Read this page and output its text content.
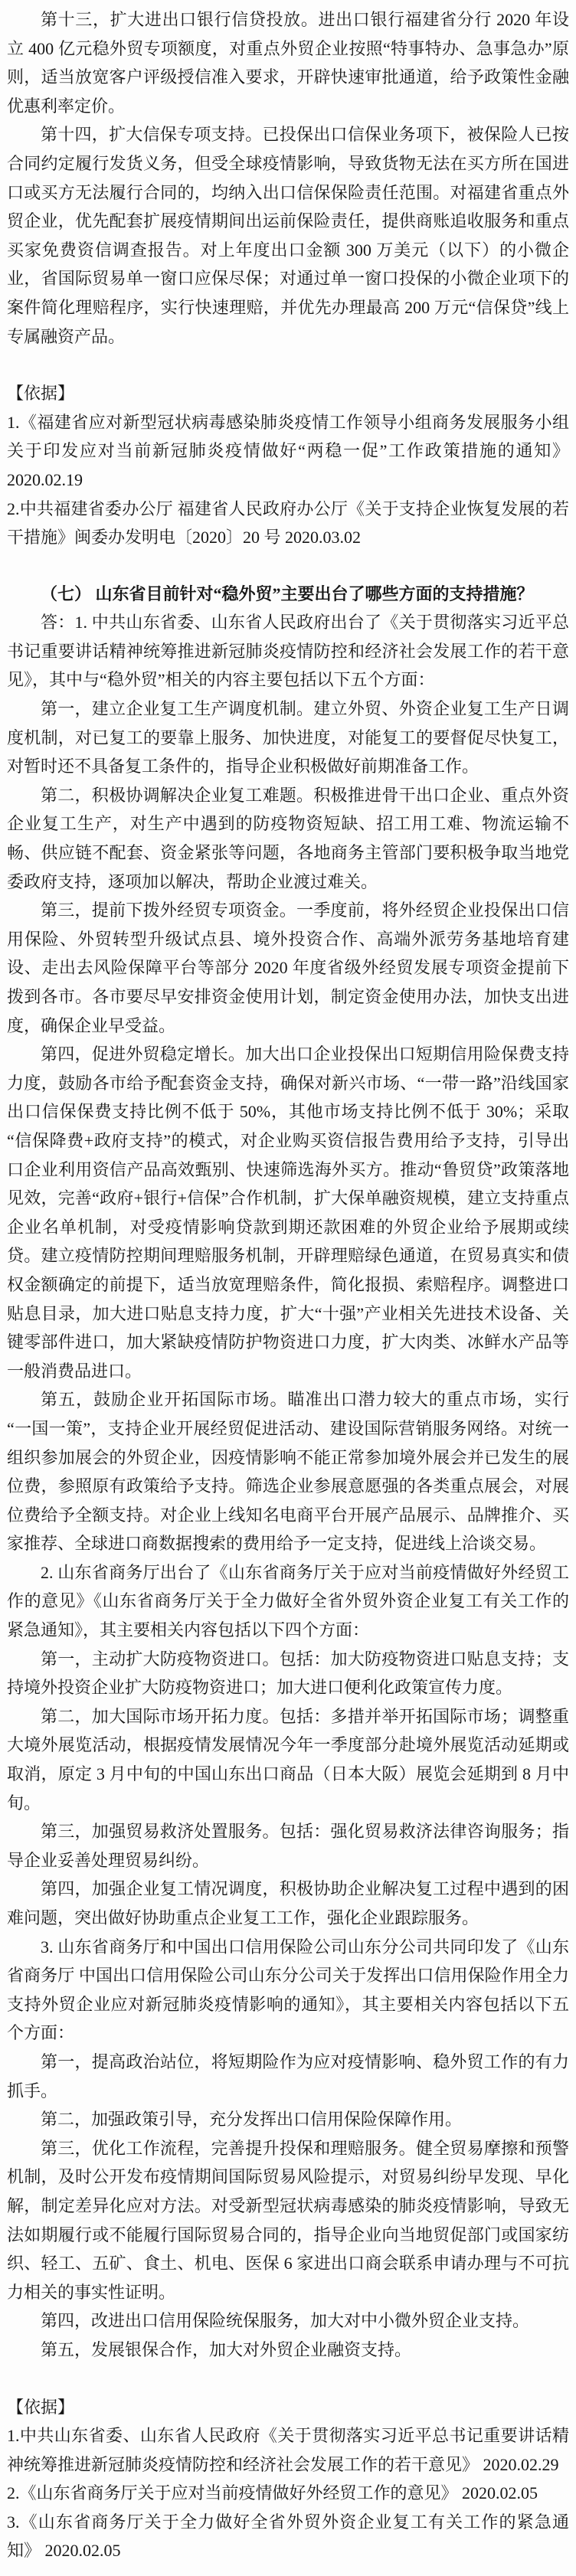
第十三，扩大进出口银行信贷投放。进出口银行福建省分行 2020 年设立 400 亿元稳外贸专项额度，对重点外贸企业按照“特事特办、急事急办”原则，适当放宽客户评级授信准入要求，开辟快速审批通道，给予政策性金融优惠利率定价。

第十四，扩大信保专项支持。已投保出口信保业务项下，被保险人已按合同约定履行发货义务，但受全球疫情影响，导致货物无法在买方所在国进口或买方无法履行合同的，均纳入出口信保保险责任范围。对福建省重点外贸企业，优先配套扩展疫情期间出运前保险责任，提供商账追收服务和重点买家免费资信调查报告。对上年度出口金额 300 万美元（以下）的小微企业，省国际贸易单一窗口应保尽保；对通过单一窗口投保的小微企业项下的案件简化理赔程序，实行快速理赔，并优先办理最高 200 万元“信保贷”线上专属融资产品。

【依据】

1.《福建省应对新型冠状病毒感染肺炎疫情工作领导小组商务发展服务小组关于印发应对当前新冠肺炎疫情做好“两稳一促”工作政策措施的通知》 2020.02.19

2.中共福建省委办公厅 福建省人民政府办公厅《关于支持企业恢复发展的若干措施》闽委办发明电〔2020〕20 号 2020.03.02

（七） 山东省目前针对“稳外贸”主要出台了哪些方面的支持措施？

答：1. 中共山东省委、山东省人民政府出台了《关于贯彻落实习近平总书记重要讲话精神统筹推进新冠肺炎疫情防控和经济社会发展工作的若干意见》，其中与“稳外贸”相关的内容主要包括以下五个方面：

第一，建立企业复工生产调度机制。建立外贸、外资企业复工生产日调度机制，对已复工的要靠上服务、加快进度，对能复工的要督促尽快复工，对暂时还不具备复工条件的，指导企业积极做好前期准备工作。

第二，积极协调解决企业复工难题。积极推进骨干出口企业、重点外资企业复工生产，对生产中遇到的防疫物资短缺、招工用工难、物流运输不畅、供应链不配套、资金紧张等问题，各地商务主管部门要积极争取当地党委政府支持，逐项加以解决，帮助企业渡过难关。

第三，提前下拨外经贸专项资金。一季度前，将外经贸企业投保出口信用保险、外贸转型升级试点县、境外投资合作、高端外派劳务基地培育建设、走出去风险保障平台等部分 2020 年度省级外经贸发展专项资金提前下拨到各市。各市要尽早安排资金使用计划，制定资金使用办法，加快支出进度，确保企业早受益。

第四，促进外贸稳定增长。加大出口企业投保出口短期信用险保费支持力度，鼓励各市给予配套资金支持，确保对新兴市场、“一带一路”沿线国家出口信保保费支持比例不低于 50%，其他市场支持比例不低于 30%；采取“信保降费+政府支持”的模式，对企业购买资信报告费用给予支持，引导出口企业利用资信产品高效甄别、快速筛选海外买方。推动“鲁贸贷”政策落地见效，完善“政府+银行+信保”合作机制，扩大保单融资规模，建立支持重点企业名单机制，对受疫情影响贷款到期还款困难的外贸企业给予展期或续贷。建立疫情防控期间理赔服务机制，开辟理赔绿色通道，在贸易真实和债权金额确定的前提下，适当放宽理赔条件，简化报损、索赔程序。调整进口贴息目录，加大进口贴息支持力度，扩大“十强”产业相关先进技术设备、关键零部件进口，加大紧缺疫情防护物资进口力度，扩大肉类、冰鲜水产品等一般消费品进口。

第五，鼓励企业开拓国际市场。瞄准出口潜力较大的重点市场，实行“一国一策”，支持企业开展经贸促进活动、建设国际营销服务网络。对统一组织参加展会的外贸企业，因疫情影响不能正常参加境外展会并已发生的展位费，参照原有政策给予支持。筛选企业参展意愿强的各类重点展会，对展位费给予全额支持。对企业上线知名电商平台开展产品展示、品牌推介、买家推荐、全球进口商数据搜索的费用给予一定支持，促进线上洽谈交易。

2. 山东省商务厅出台了《山东省商务厅关于应对当前疫情做好外经贸工作的意见》《山东省商务厅关于全力做好全省外贸外资企业复工有关工作的紧急通知》，其主要相关内容包括以下四个方面：

第一，主动扩大防疫物资进口。包括：加大防疫物资进口贴息支持；支持境外投资企业扩大防疫物资进口；加大进口便利化政策宣传力度。

第二，加大国际市场开拓力度。包括：多措并举开拓国际市场；调整重大境外展览活动，根据疫情发展情况今年一季度部分赴境外展览活动延期或取消，原定 3 月中旬的中国山东出口商品（日本大阪）展览会延期到 8 月中旬。

第三，加强贸易救济处置服务。包括：强化贸易救济法律咨询服务；指导企业妥善处理贸易纠纷。

第四，加强企业复工情况调度，积极协助企业解决复工过程中遇到的困难问题，突出做好协助重点企业复工工作，强化企业跟踪服务。

3. 山东省商务厅和中国出口信用保险公司山东分公司共同印发了《山东省商务厅 中国出口信用保险公司山东分公司关于发挥出口信用保险作用全力支持外贸企业应对新冠肺炎疫情影响的通知》，其主要相关内容包括以下五个方面：

第一，提高政治站位，将短期险作为应对疫情影响、稳外贸工作的有力抓手。

第二，加强政策引导，充分发挥出口信用保险保障作用。

第三，优化工作流程，完善提升投保和理赔服务。健全贸易摩擦和预警机制，及时公开发布疫情期间国际贸易风险提示，对贸易纠纷早发现、早化解，制定差异化应对方法。对受新型冠状病毒感染的肺炎疫情影响，导致无法如期履行或不能履行国际贸易合同的，指导企业向当地贸促部门或国家纺织、轻工、五矿、食土、机电、医保 6 家进出口商会联系申请办理与不可抗力相关的事实性证明。

第四，改进出口信用保险统保服务，加大对中小微外贸企业支持。

第五，发展银保合作，加大对外贸企业融资支持。

【依据】

1.中共山东省委、山东省人民政府《关于贯彻落实习近平总书记重要讲话精神统筹推进新冠肺炎疫情防控和经济社会发展工作的若干意见》 2020.02.29

2.《山东省商务厅关于应对当前疫情做好外经贸工作的意见》 2020.02.05

3.《山东省商务厅关于全力做好全省外贸外资企业复工有关工作的紧急通知》 2020.02.05
